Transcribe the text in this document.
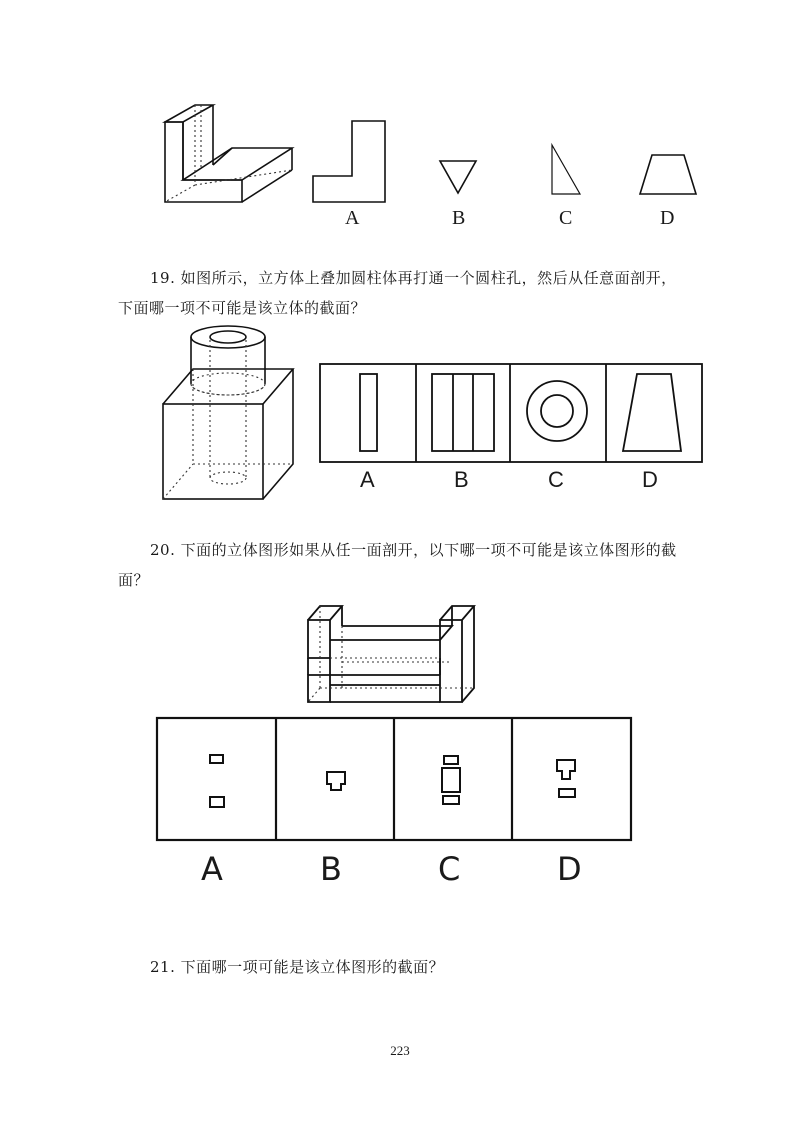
A	B	C	D
19. 如图所示，立方体上叠加圆柱体再打通一个圆柱孔，然后从任意面剖开，
下面哪一项不可能是该立体的截面？
A	B	C	D
20. 下面的立体图形如果从任一面剖开，以下哪一项不可能是该立体图形的截
面？
A	B	C	D
21. 下面哪一项可能是该立体图形的截面？
223
